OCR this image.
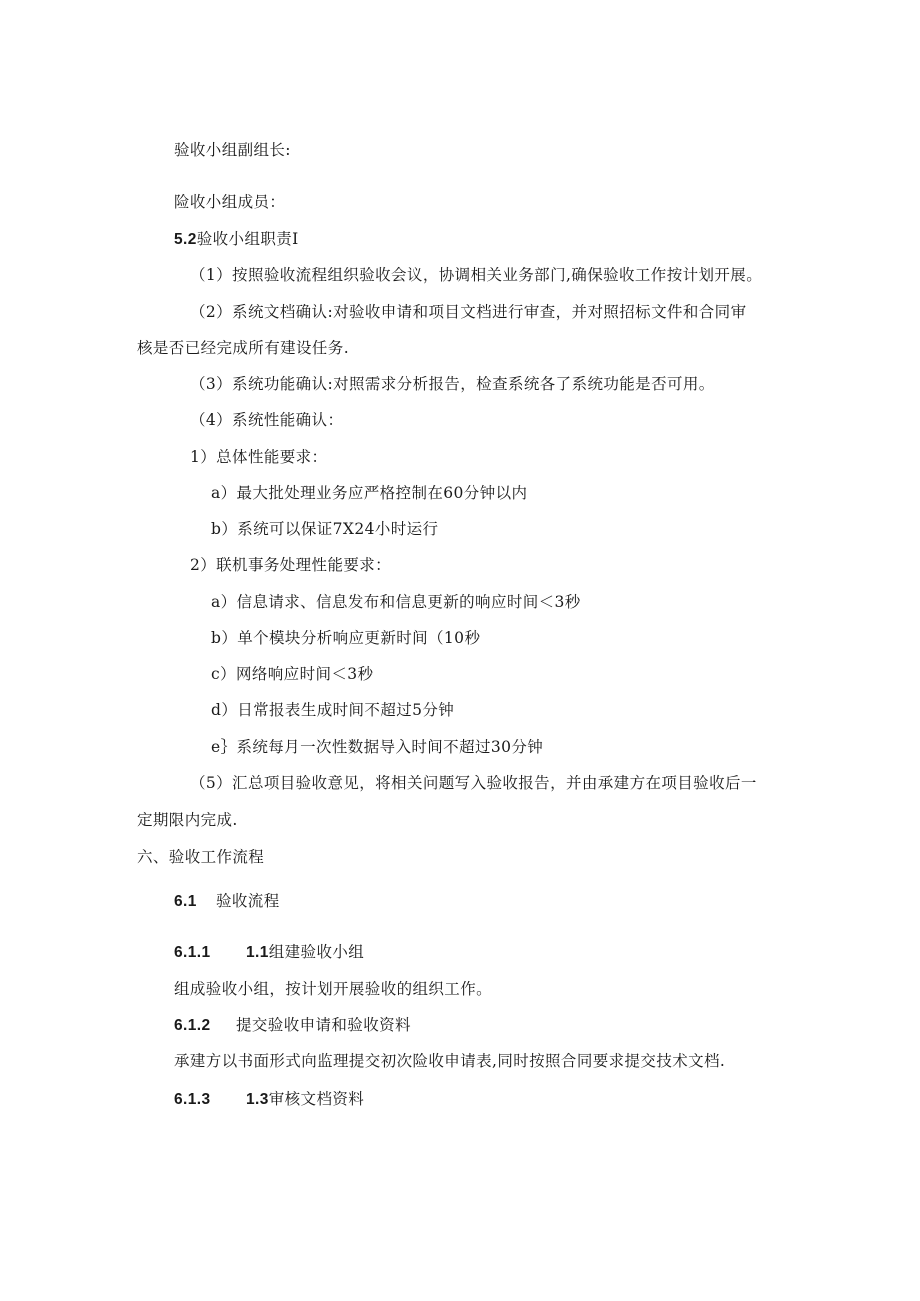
验收小组副组长:
险收小组成员：
5.2验收小组职责I
（1）按照验收流程组织验收会议，协调相关业务部门,确保验收工作按计划开展。
（2）系统文档确认:对验收申请和项目文档进行审查，并对照招标文件和合同审
核是否已经完成所有建设任务.
（3）系统功能确认:对照需求分析报告，检查系统各了系统功能是否可用。
（4）系统性能确认：
1）总体性能要求：
a）最大批处理业务应严格控制在60分钟以内
b）系统可以保证7X24小时运行
2）联机事务处理性能要求：
a）信息请求、信息发布和信息更新的响应时间＜3秒
b）单个模块分析响应更新时间（10秒
c）网络响应时间＜3秒
d）日常报表生成时间不超过5分钟
e｝系统每月一次性数据导入时间不超过30分钟
（5）汇总项目验收意见，将相关问题写入验收报告，并由承建方在项目验收后一
定期限内完成.
六、验收工作流程
6.1 验收流程
6.1.1 1.1组建验收小组
组成验收小组，按计划开展验收的组织工作。
6.1.2 提交验收申请和验收资料
承建方以书面形式向监理提交初次险收申请表,同时按照合同要求提交技术文档.
6.1.3 1.3审核文档资料
